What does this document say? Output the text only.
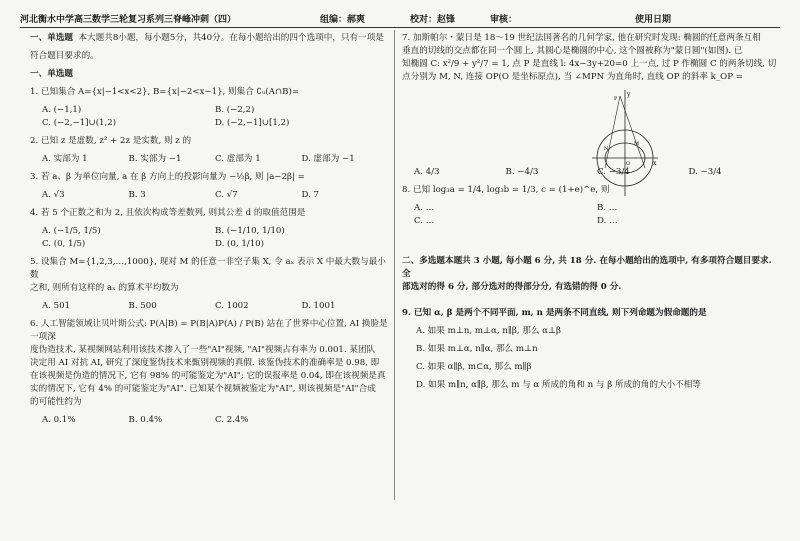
河北衡水中学高三数学三轮复习系列三脊峰冲刺（四）	组编：郝爽	校对：赵锋	审核：	使用日期
一、单选题 本大题共8小题，每小题5分，共40分。在每小题给出的四个选项中，只有一项是
符合题目要求的。
一、单选题
1. 已知集合 A={x|−1<x<2}, B={x|−2<x−1}, 则集合 ∁ᵤ(A∩B)=
A. (−1,1)	B. (−2,2)
C. (−2,−1]∪(1,2)	D. (−2,−1]∪[1,2)
2. 已知 z 是虚数, z² + 2z 是实数, 则 z 的
A. 实部为 1	B. 实部为 −1	C. 虚部为 1	D. 虚部为 −1
3. 若 a、β 为单位向量, a 在 β 方向上的投影向量为 −½β, 则 |a−2β| =
A. √3	B. 3	C. √7	D. 7
4. 若 5 个正数之和为 2, 且依次构成等差数列, 则其公差 d 的取值范围是
A. (−1/5, 1/5)	B. (−1/10, 1/10)
C. (0, 1/5)	D. (0, 1/10)
5. 设集合 M={1,2,3,…,1000}, 现对 M 的任意一非空子集 X, 令 aₓ 表示 X 中最大数与最小数
之和, 则所有这样的 aₓ 的算术平均数为
A. 501	B. 500	C. 1002	D. 1001
6. 人工智能领域让贝叶斯公式: P(A|B) = P(B|A)P(A) / P(B) 站在了世界中心位置, AI 换脸是一项深
度伪造技术, 某视频网站利用该技术掺入了一些"AI"视频, "AI"视频占有率为 0.001. 某团队
决定用 AI 对抗 AI, 研究了深度鉴伪技术来甄别视频的真假. 该鉴伪技术的准确率是 0.98, 即
在该视频是伪造的情况下, 它有 98% 的可能鉴定为"AI"; 它的误报率是 0.04, 即在该视频是真
实的情况下, 它有 4% 的可能鉴定为"AI". 已知某个视频被鉴定为"AI", 则该视频是"AI"合成
的可能性约为
A. 0.1%	B. 0.4%	C. 2.4%
7. 加斯帕尔・蒙日是 18～19 世纪法国著名的几何学家, 他在研究时发现: 椭圆的任意两条互相
垂直的切线的交点都在同一个圆上, 其圆心是椭圆的中心, 这个圆被称为"蒙日圆"(如图). 已
知椭圆 C: x²/9 + y²/7 = 1, 点 P 是直线 l: 4x−3y+20=0 上一点, 过 P 作椭圆 C 的两条切线, 切
点分别为 M, N, 连接 OP(O 是坐标原点), 当 ∠MPN 为直角时, 直线 OP 的斜率 k_OP =
A. 4/3	B. −4/3	C. −3/4	D. −3/4
8. 已知 log₃a = 1/4, log₃b = 1/3, c = (1+e)^e, 则
A. …	B. …
C. …	D. …
二、多选题本题共 3 小题, 每小题 6 分, 共 18 分. 在每小题给出的选项中, 有多项符合题目要求. 全
部选对的得 6 分, 部分选对的得部分分, 有选错的得 0 分.
9. 已知 α, β 是两个不同平面, m, n 是两条不同直线, 则下列命题为假命题的是
A. 如果 m⊥n, m⊥α, n∥β, 那么 α⊥β
B. 如果 m⊥α, n∥α, 那么 m⊥n
C. 如果 α∥β, m⊂α, 那么 m∥β
D. 如果 m∥n, α∥β, 那么 m 与 α 所成的角和 n 与 β 所成的角的大小不相等
y
O	x
P
M
N
